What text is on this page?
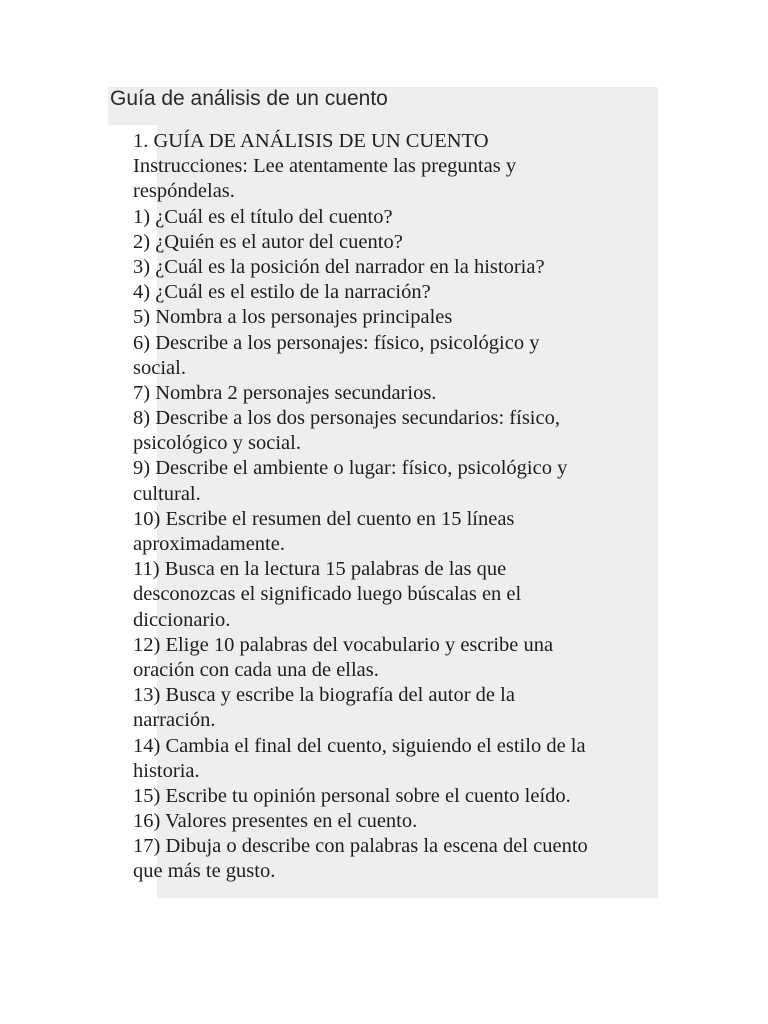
Guía de análisis de un cuento
1. GUÍA DE ANÁLISIS DE UN CUENTO
Instrucciones: Lee atentamente las preguntas y
respóndelas.
1) ¿Cuál es el título del cuento?
2) ¿Quién es el autor del cuento?
3) ¿Cuál es la posición del narrador en la historia?
4) ¿Cuál es el estilo de la narración?
5) Nombra a los personajes principales
6) Describe a los personajes: físico, psicológico y
social.
7) Nombra 2 personajes secundarios.
8) Describe a los dos personajes secundarios: físico,
psicológico y social.
9) Describe el ambiente o lugar: físico, psicológico y
cultural.
10) Escribe el resumen del cuento en 15 líneas
aproximadamente.
11) Busca en la lectura 15 palabras de las que
desconozcas el significado luego búscalas en el
diccionario.
12) Elige 10 palabras del vocabulario y escribe una
oración con cada una de ellas.
13) Busca y escribe la biografía del autor de la
narración.
14) Cambia el final del cuento, siguiendo el estilo de la
historia.
15) Escribe tu opinión personal sobre el cuento leído.
16) Valores presentes en el cuento.
17) Dibuja o describe con palabras la escena del cuento
que más te gusto.
